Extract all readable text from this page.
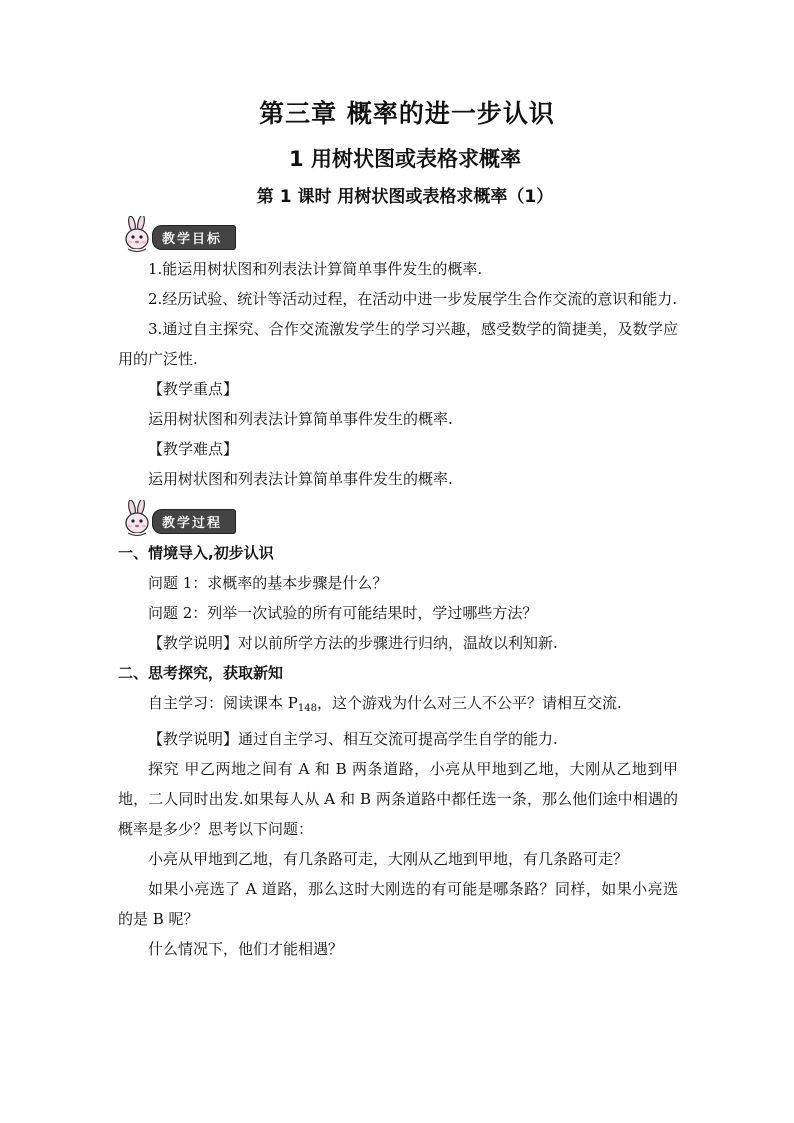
第三章 概率的进一步认识
1 用树状图或表格求概率
第 1 课时 用树状图或表格求概率（1）
教学目标

1.能运用树状图和列表法计算简单事件发生的概率.

2.经历试验、统计等活动过程，在活动中进一步发展学生合作交流的意识和能力.

3.通过自主探究、合作交流激发学生的学习兴趣，感受数学的简捷美，及数学应用的广泛性.

【教学重点】

运用树状图和列表法计算简单事件发生的概率.

【教学难点】

运用树状图和列表法计算简单事件发生的概率.

教学过程

一、情境导入,初步认识

问题 1：求概率的基本步骤是什么？

问题 2：列举一次试验的所有可能结果时，学过哪些方法？

【教学说明】对以前所学方法的步骤进行归纳，温故以利知新.

二、思考探究，获取新知

自主学习：阅读课本 $P_{148}$，这个游戏为什么对三人不公平？请相互交流.

【教学说明】通过自主学习、相互交流可提高学生自学的能力.

探究 甲乙两地之间有 A 和 B 两条道路，小亮从甲地到乙地，大刚从乙地到甲地，二人同时出发.如果每人从 A 和 B 两条道路中都任选一条，那么他们途中相遇的概率是多少？思考以下问题：

小亮从甲地到乙地，有几条路可走，大刚从乙地到甲地，有几条路可走？

如果小亮选了 A 道路，那么这时大刚选的有可能是哪条路？同样，如果小亮选的是 B 呢？

什么情况下，他们才能相遇？
